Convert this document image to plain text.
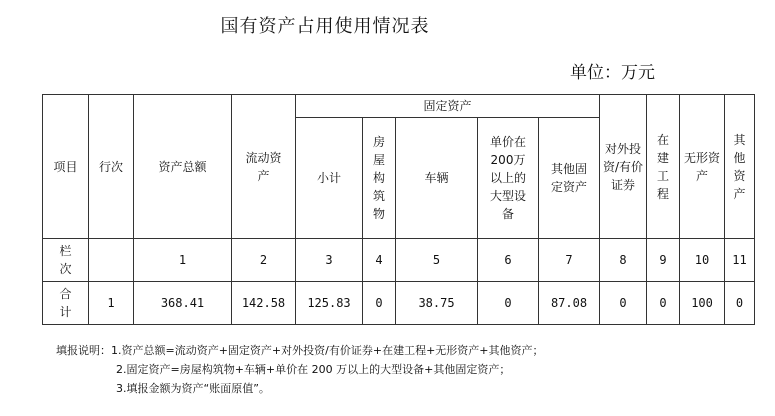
国有资产占用使用情况表
单位：万元
项目	行次	资产总额	流动资产	固定资产					对外投资/有价证券	在建工程	无形资产	其他资产
				小计	房屋构筑物	车辆	单价在200万以上的大型设备	其他固定资产				
栏次		1	2	3	4	5	6	7	8	9	10	11
合计	1	368.41	142.58	125.83	0	38.75	0	87.08	0	0	100	0
填报说明：1.资产总额=流动资产+固定资产+对外投资/有价证券+在建工程+无形资产+其他资产；
2.固定资产=房屋构筑物+车辆+单价在 200 万以上的大型设备+其他固定资产；
3.填报金额为资产“账面原值”。
